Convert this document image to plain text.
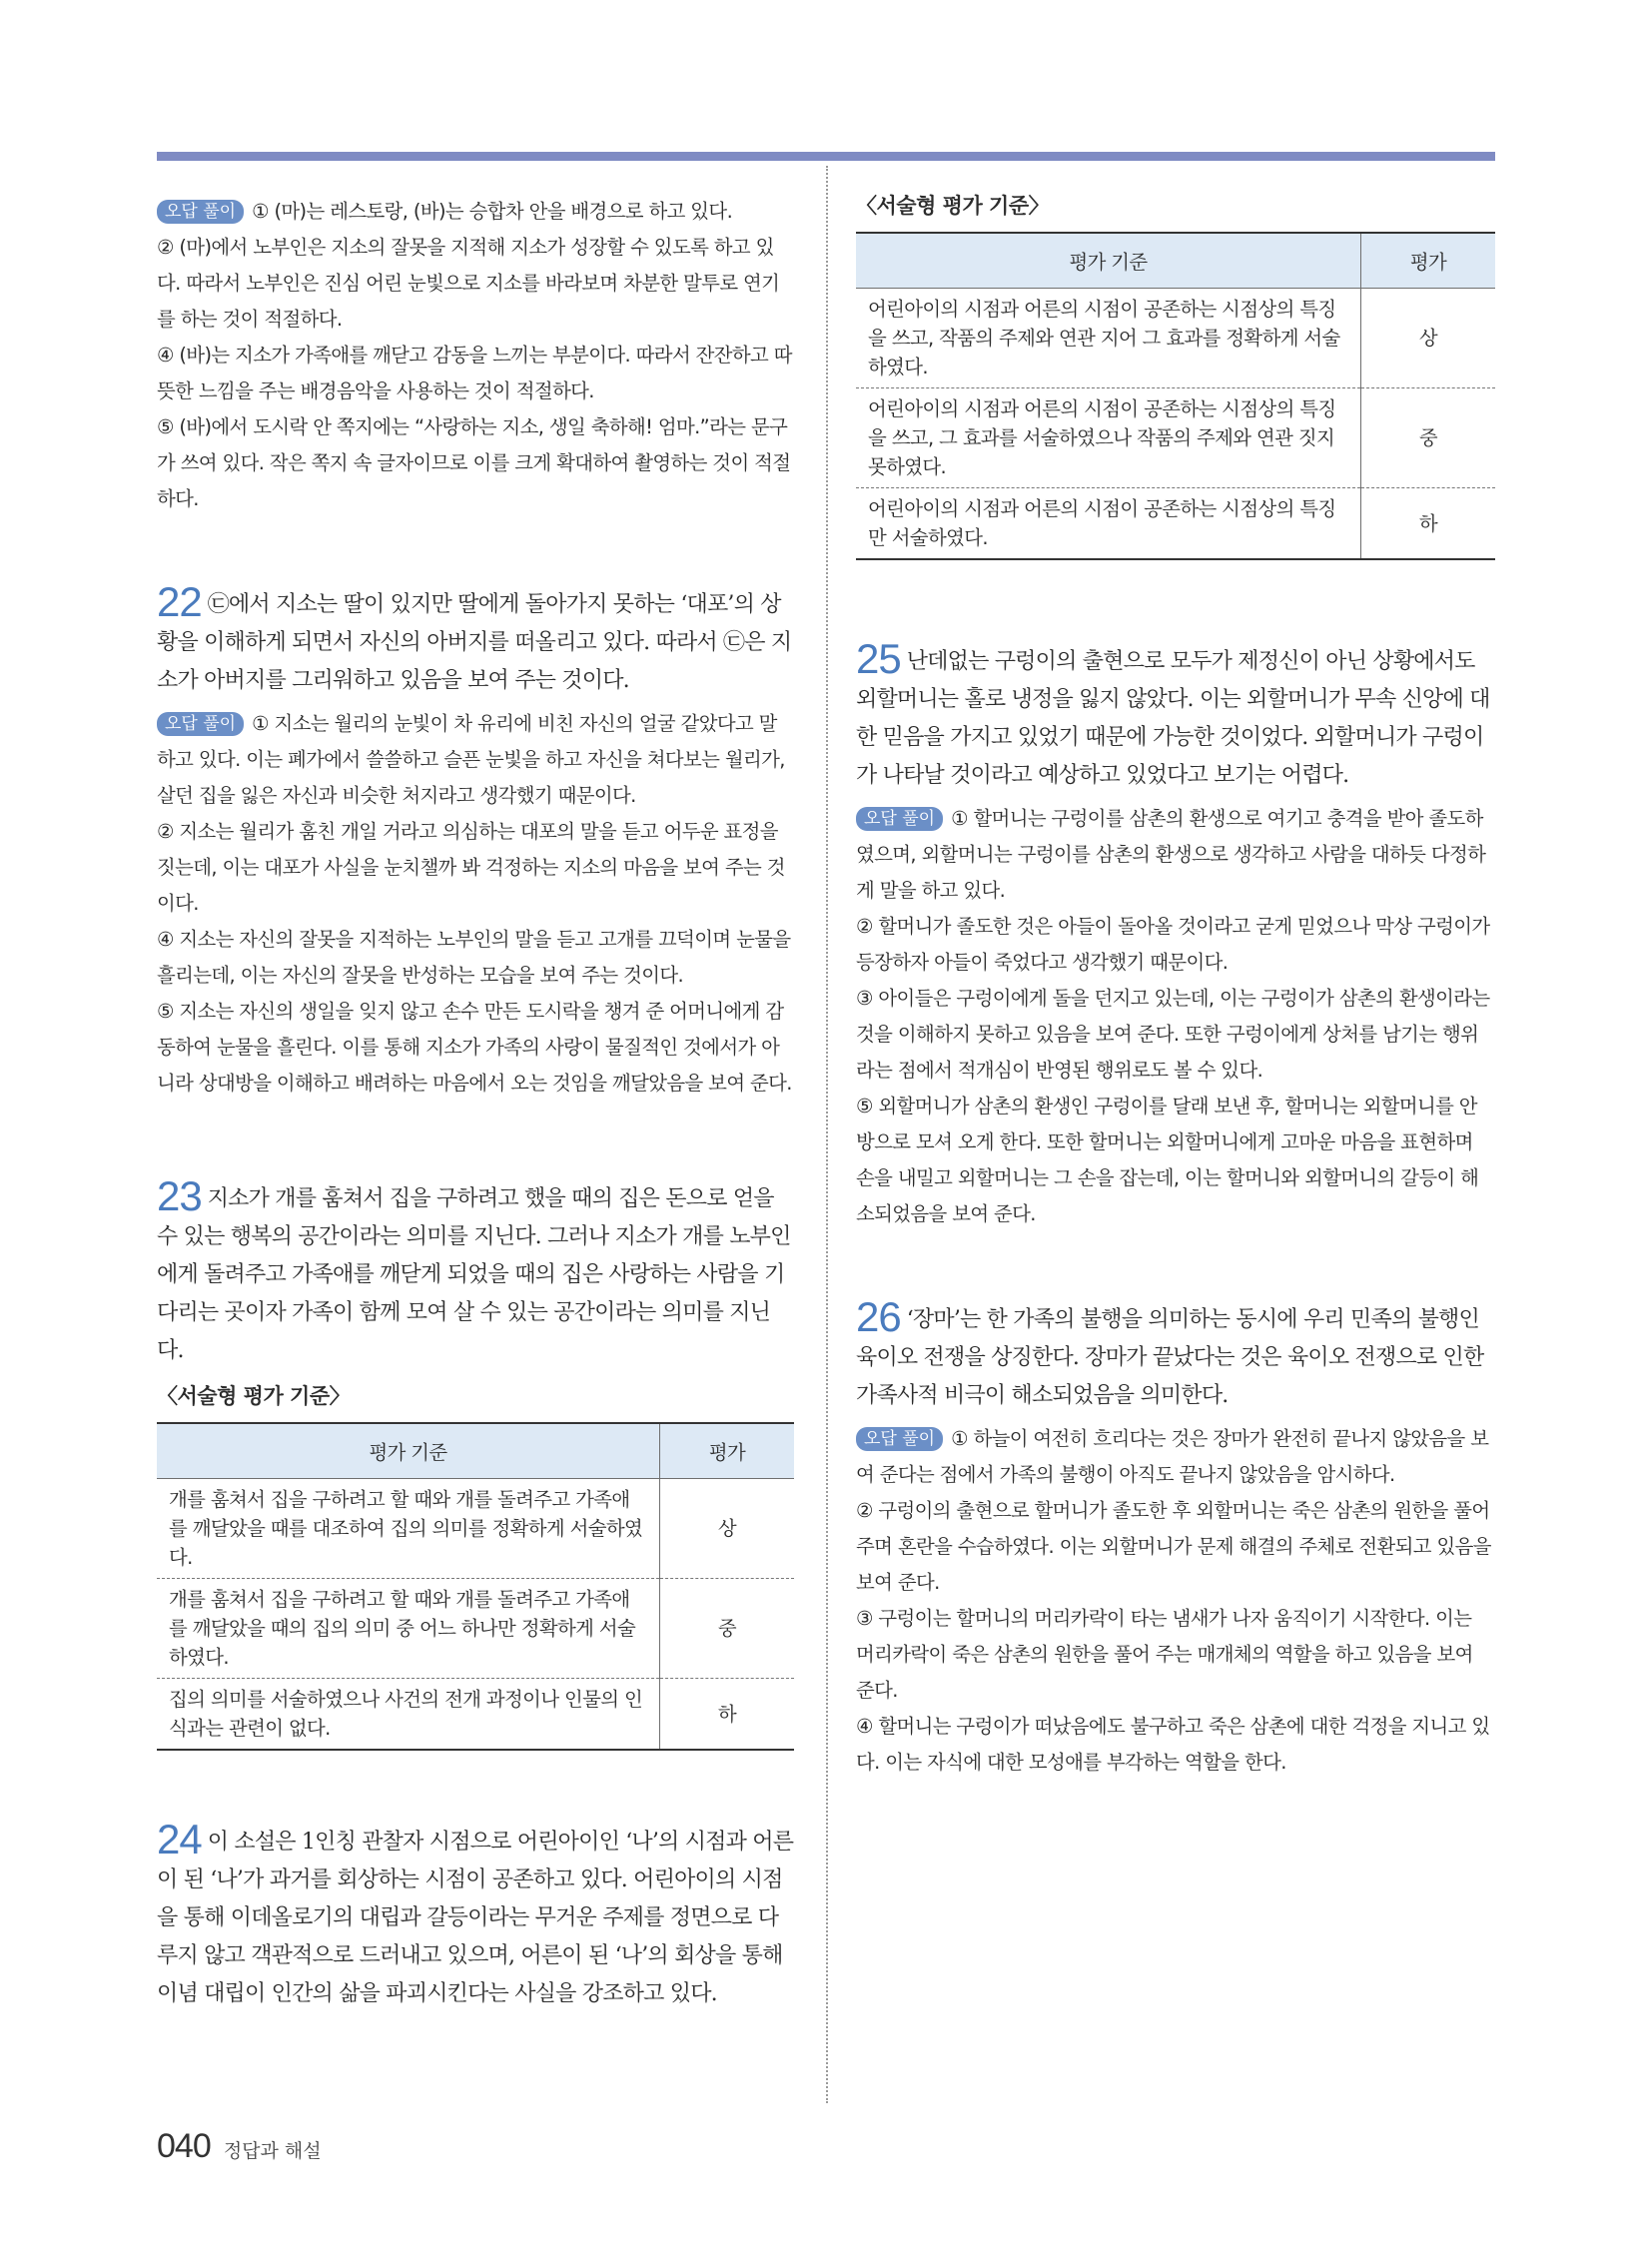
오답 풀이 ① (마)는 레스토랑, (바)는 승합차 안을 배경으로 하고 있다.

② (마)에서 노부인은 지소의 잘못을 지적해 지소가 성장할 수 있도록 하고 있다. 따라서 노부인은 진심 어린 눈빛으로 지소를 바라보며 차분한 말투로 연기를 하는 것이 적절하다.

④ (바)는 지소가 가족애를 깨닫고 감동을 느끼는 부분이다. 따라서 잔잔하고 따뜻한 느낌을 주는 배경음악을 사용하는 것이 적절하다.

⑤ (바)에서 도시락 안 쪽지에는 “사랑하는 지소, 생일 축하해! 엄마.”라는 문구가 쓰여 있다. 작은 쪽지 속 글자이므로 이를 크게 확대하여 촬영하는 것이 적절하다.

22 ㉢에서 지소는 딸이 있지만 딸에게 돌아가지 못하는 ‘대포’의 상황을 이해하게 되면서 자신의 아버지를 떠올리고 있다. 따라서 ㉢은 지소가 아버지를 그리워하고 있음을 보여 주는 것이다.

오답 풀이 ① 지소는 월리의 눈빛이 차 유리에 비친 자신의 얼굴 같았다고 말하고 있다. 이는 폐가에서 쓸쓸하고 슬픈 눈빛을 하고 자신을 쳐다보는 월리가, 살던 집을 잃은 자신과 비슷한 처지라고 생각했기 때문이다.

② 지소는 월리가 훔친 개일 거라고 의심하는 대포의 말을 듣고 어두운 표정을 짓는데, 이는 대포가 사실을 눈치챌까 봐 걱정하는 지소의 마음을 보여 주는 것이다.

④ 지소는 자신의 잘못을 지적하는 노부인의 말을 듣고 고개를 끄덕이며 눈물을 흘리는데, 이는 자신의 잘못을 반성하는 모습을 보여 주는 것이다.

⑤ 지소는 자신의 생일을 잊지 않고 손수 만든 도시락을 챙겨 준 어머니에게 감동하여 눈물을 흘린다. 이를 통해 지소가 가족의 사랑이 물질적인 것에서가 아니라 상대방을 이해하고 배려하는 마음에서 오는 것임을 깨달았음을 보여 준다.

23 지소가 개를 훔쳐서 집을 구하려고 했을 때의 집은 돈으로 얻을 수 있는 행복의 공간이라는 의미를 지닌다. 그러나 지소가 개를 노부인에게 돌려주고 가족애를 깨닫게 되었을 때의 집은 사랑하는 사람을 기다리는 곳이자 가족이 함께 모여 살 수 있는 공간이라는 의미를 지닌다.

〈서술형 평가 기준〉

평가 기준	평가
개를 훔쳐서 집을 구하려고 할 때와 개를 돌려주고 가족애를 깨달았을 때를 대조하여 집의 의미를 정확하게 서술하였다.	상
개를 훔쳐서 집을 구하려고 할 때와 개를 돌려주고 가족애를 깨달았을 때의 집의 의미 중 어느 하나만 정확하게 서술하였다.	중
집의 의미를 서술하였으나 사건의 전개 과정이나 인물의 인식과는 관련이 없다.	하

24 이 소설은 1인칭 관찰자 시점으로 어린아이인 ‘나’의 시점과 어른이 된 ‘나’가 과거를 회상하는 시점이 공존하고 있다. 어린아이의 시점을 통해 이데올로기의 대립과 갈등이라는 무거운 주제를 정면으로 다루지 않고 객관적으로 드러내고 있으며, 어른이 된 ‘나’의 회상을 통해 이념 대립이 인간의 삶을 파괴시킨다는 사실을 강조하고 있다.

〈서술형 평가 기준〉

평가 기준	평가
어린아이의 시점과 어른의 시점이 공존하는 시점상의 특징을 쓰고, 작품의 주제와 연관 지어 그 효과를 정확하게 서술하였다.	상
어린아이의 시점과 어른의 시점이 공존하는 시점상의 특징을 쓰고, 그 효과를 서술하였으나 작품의 주제와 연관 짓지 못하였다.	중
어린아이의 시점과 어른의 시점이 공존하는 시점상의 특징만 서술하였다.	하

25 난데없는 구렁이의 출현으로 모두가 제정신이 아닌 상황에서도 외할머니는 홀로 냉정을 잃지 않았다. 이는 외할머니가 무속 신앙에 대한 믿음을 가지고 있었기 때문에 가능한 것이었다. 외할머니가 구렁이가 나타날 것이라고 예상하고 있었다고 보기는 어렵다.

오답 풀이 ① 할머니는 구렁이를 삼촌의 환생으로 여기고 충격을 받아 졸도하였으며, 외할머니는 구렁이를 삼촌의 환생으로 생각하고 사람을 대하듯 다정하게 말을 하고 있다.

② 할머니가 졸도한 것은 아들이 돌아올 것이라고 굳게 믿었으나 막상 구렁이가 등장하자 아들이 죽었다고 생각했기 때문이다.

③ 아이들은 구렁이에게 돌을 던지고 있는데, 이는 구렁이가 삼촌의 환생이라는 것을 이해하지 못하고 있음을 보여 준다. 또한 구렁이에게 상처를 남기는 행위라는 점에서 적개심이 반영된 행위로도 볼 수 있다.

⑤ 외할머니가 삼촌의 환생인 구렁이를 달래 보낸 후, 할머니는 외할머니를 안방으로 모셔 오게 한다. 또한 할머니는 외할머니에게 고마운 마음을 표현하며 손을 내밀고 외할머니는 그 손을 잡는데, 이는 할머니와 외할머니의 갈등이 해소되었음을 보여 준다.

26 ‘장마’는 한 가족의 불행을 의미하는 동시에 우리 민족의 불행인 육이오 전쟁을 상징한다. 장마가 끝났다는 것은 육이오 전쟁으로 인한 가족사적 비극이 해소되었음을 의미한다.

오답 풀이 ① 하늘이 여전히 흐리다는 것은 장마가 완전히 끝나지 않았음을 보여 준다는 점에서 가족의 불행이 아직도 끝나지 않았음을 암시하다.

② 구렁이의 출현으로 할머니가 졸도한 후 외할머니는 죽은 삼촌의 원한을 풀어 주며 혼란을 수습하였다. 이는 외할머니가 문제 해결의 주체로 전환되고 있음을 보여 준다.

③ 구렁이는 할머니의 머리카락이 타는 냄새가 나자 움직이기 시작한다. 이는 머리카락이 죽은 삼촌의 원한을 풀어 주는 매개체의 역할을 하고 있음을 보여 준다.

④ 할머니는 구렁이가 떠났음에도 불구하고 죽은 삼촌에 대한 걱정을 지니고 있다. 이는 자식에 대한 모성애를 부각하는 역할을 한다.

040 정답과 해설
